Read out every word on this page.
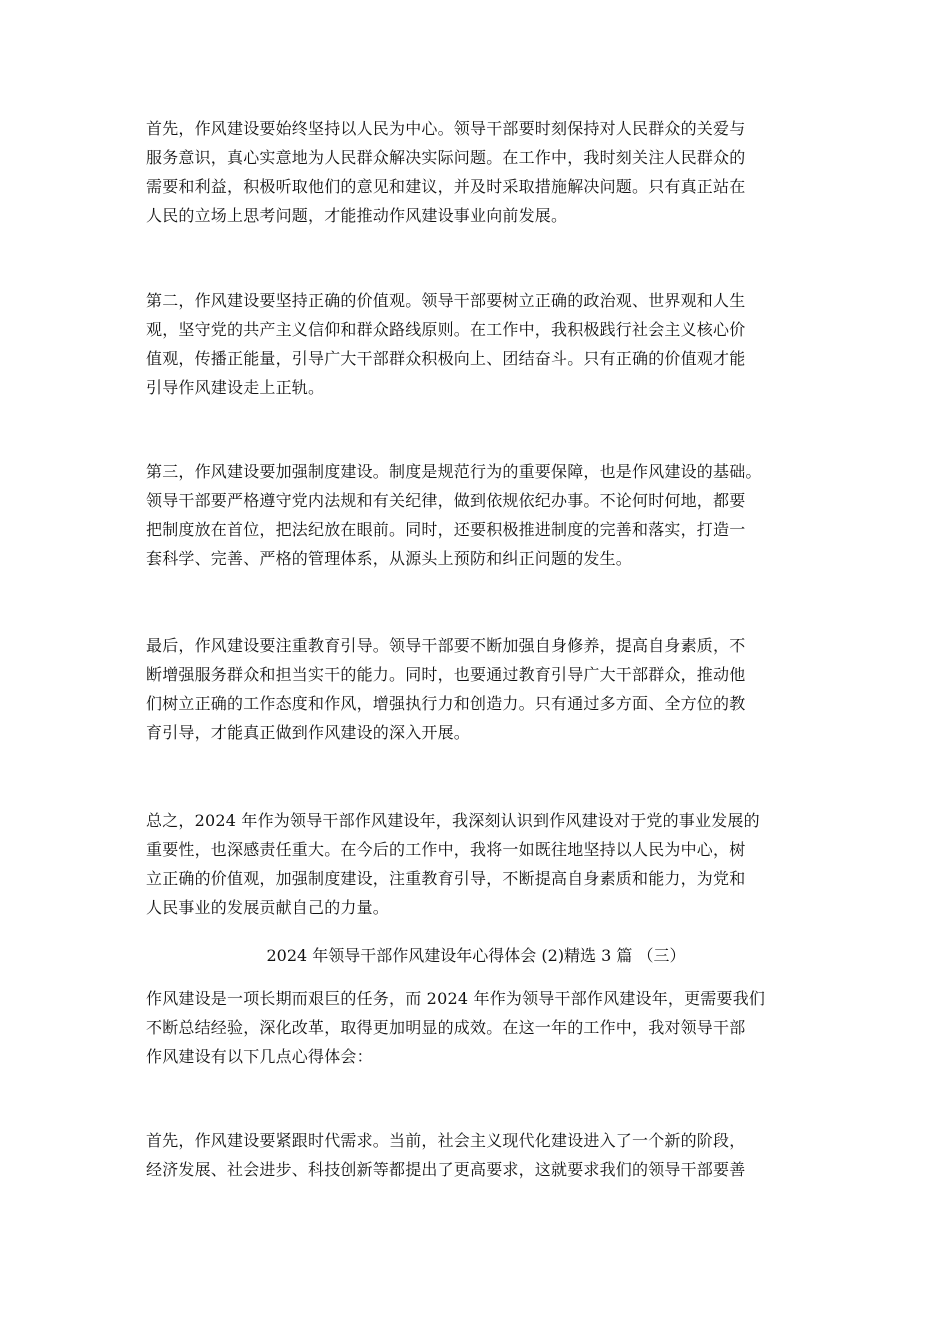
首先，作风建设要始终坚持以人民为中心。领导干部要时刻保持对人民群众的关爱与
服务意识，真心实意地为人民群众解决实际问题。在工作中，我时刻关注人民群众的
需要和利益，积极听取他们的意见和建议，并及时采取措施解决问题。只有真正站在
人民的立场上思考问题，才能推动作风建设事业向前发展。
第二，作风建设要坚持正确的价值观。领导干部要树立正确的政治观、世界观和人生
观，坚守党的共产主义信仰和群众路线原则。在工作中，我积极践行社会主义核心价
值观，传播正能量，引导广大干部群众积极向上、团结奋斗。只有正确的价值观才能
引导作风建设走上正轨。
第三，作风建设要加强制度建设。制度是规范行为的重要保障，也是作风建设的基础。
领导干部要严格遵守党内法规和有关纪律，做到依规依纪办事。不论何时何地，都要
把制度放在首位，把法纪放在眼前。同时，还要积极推进制度的完善和落实，打造一
套科学、完善、严格的管理体系，从源头上预防和纠正问题的发生。
最后，作风建设要注重教育引导。领导干部要不断加强自身修养，提高自身素质，不
断增强服务群众和担当实干的能力。同时，也要通过教育引导广大干部群众，推动他
们树立正确的工作态度和作风，增强执行力和创造力。只有通过多方面、全方位的教
育引导，才能真正做到作风建设的深入开展。
总之，2024 年作为领导干部作风建设年，我深刻认识到作风建设对于党的事业发展的
重要性，也深感责任重大。在今后的工作中，我将一如既往地坚持以人民为中心，树
立正确的价值观，加强制度建设，注重教育引导，不断提高自身素质和能力，为党和
人民事业的发展贡献自己的力量。
2024 年领导干部作风建设年心得体会 (2)精选 3 篇 （三）
作风建设是一项长期而艰巨的任务，而 2024 年作为领导干部作风建设年，更需要我们
不断总结经验，深化改革，取得更加明显的成效。在这一年的工作中，我对领导干部
作风建设有以下几点心得体会：
首先，作风建设要紧跟时代需求。当前，社会主义现代化建设进入了一个新的阶段，
经济发展、社会进步、科技创新等都提出了更高要求，这就要求我们的领导干部要善
